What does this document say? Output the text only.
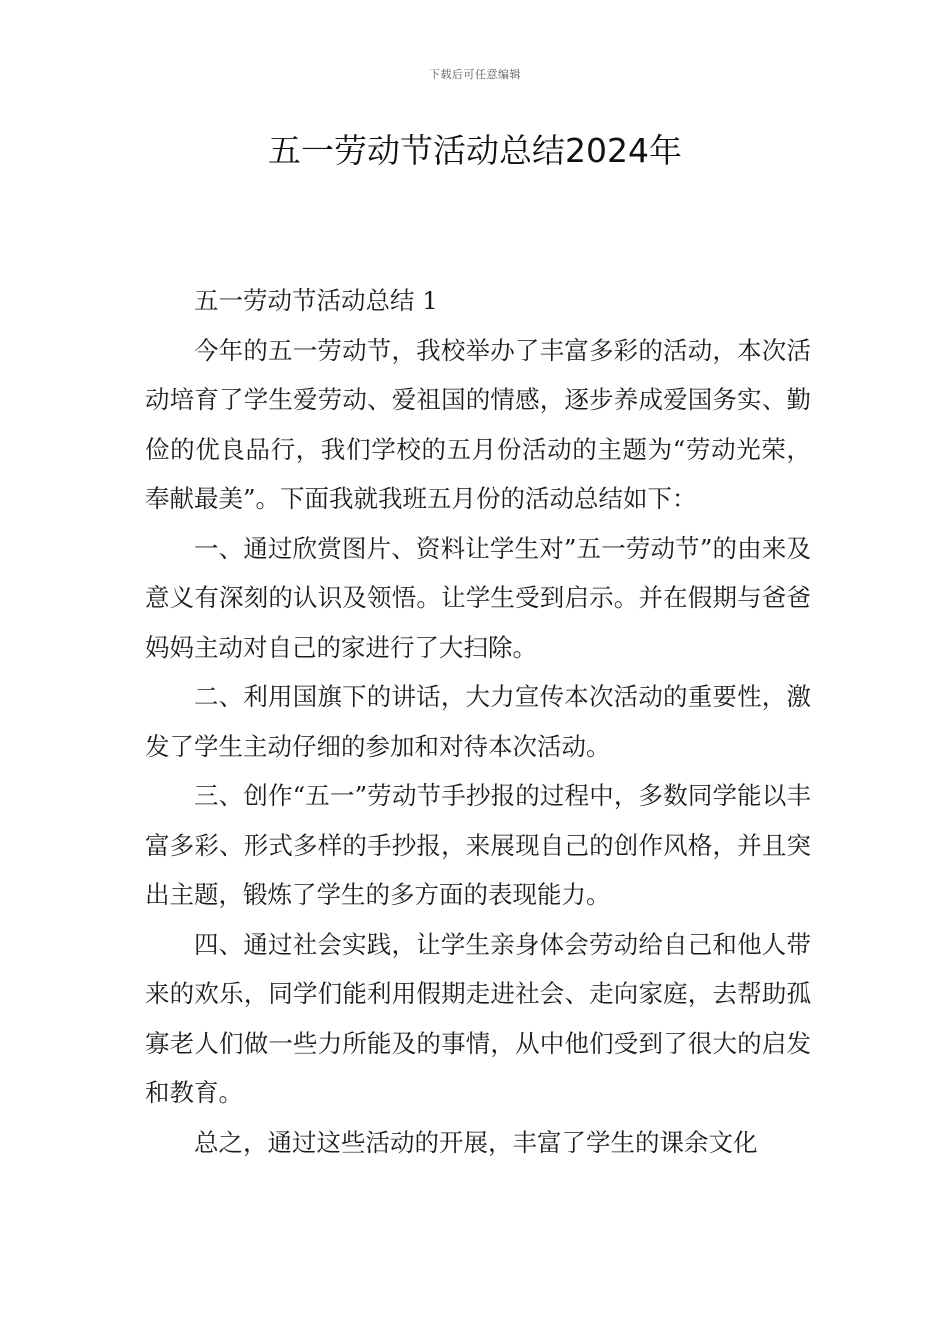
下载后可任意编辑
五一劳动节活动总结2024年

五一劳动节活动总结 1

今年的五一劳动节，我校举办了丰富多彩的活动，本次活动培育了学生爱劳动、爱祖国的情感，逐步养成爱国务实、勤俭的优良品行，我们学校的五月份活动的主题为“劳动光荣，奉献最美”。下面我就我班五月份的活动总结如下：

一、通过欣赏图片、资料让学生对”五一劳动节”的由来及意义有深刻的认识及领悟。让学生受到启示。并在假期与爸爸妈妈主动对自己的家进行了大扫除。

二、利用国旗下的讲话，大力宣传本次活动的重要性，激发了学生主动仔细的参加和对待本次活动。

三、创作“五一”劳动节手抄报的过程中，多数同学能以丰富多彩、形式多样的手抄报，来展现自己的创作风格，并且突出主题，锻炼了学生的多方面的表现能力。

四、通过社会实践，让学生亲身体会劳动给自己和他人带来的欢乐，同学们能利用假期走进社会、走向家庭，去帮助孤寡老人们做一些力所能及的事情，从中他们受到了很大的启发和教育。

总之，通过这些活动的开展，丰富了学生的课余文化
